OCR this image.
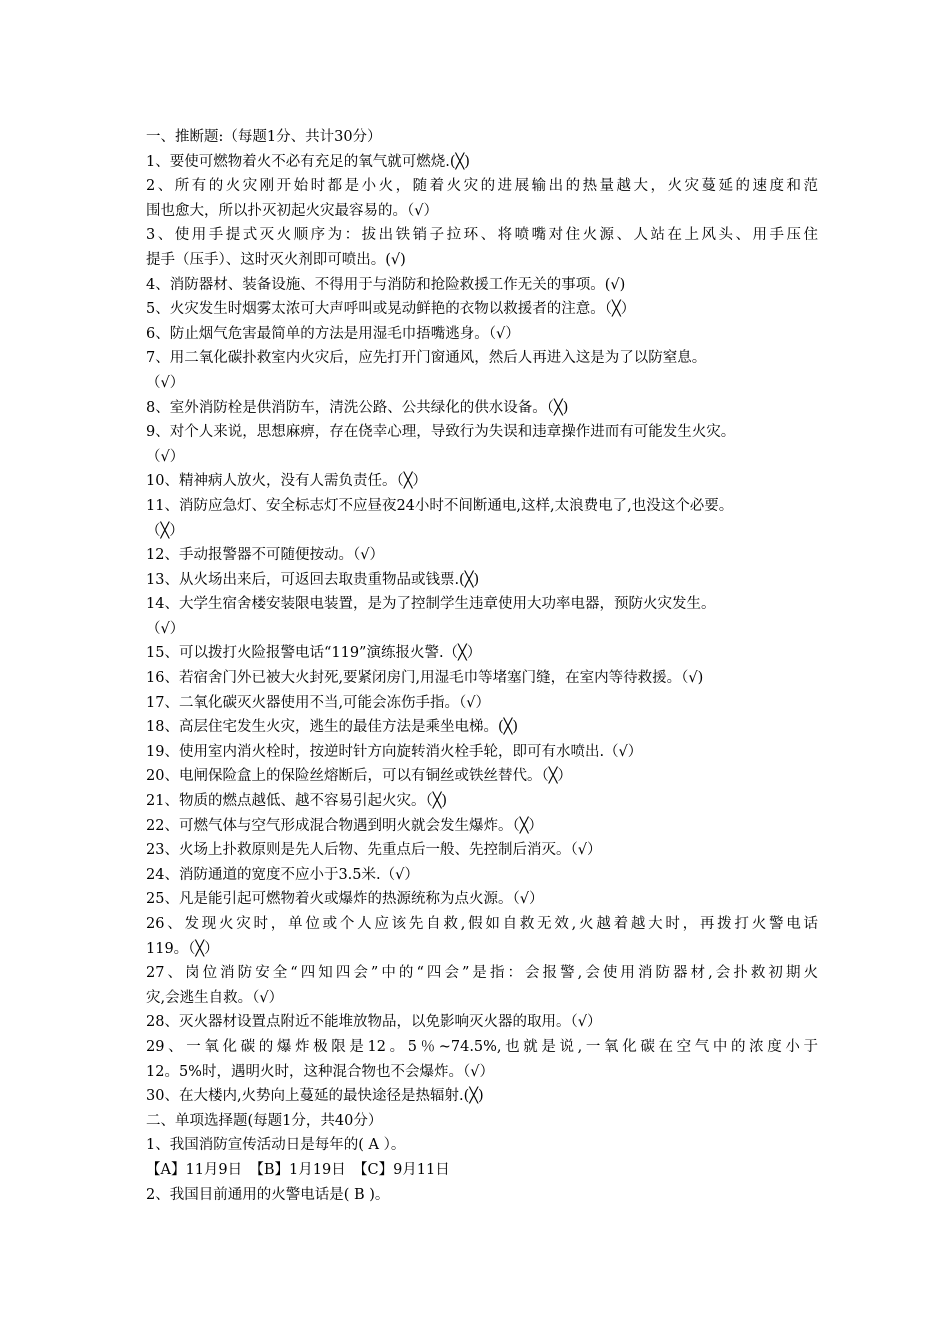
一、推断题:（每题1分、共计30分）
1、要使可燃物着火不必有充足的氧气就可燃烧.(╳)
2、所有的火灾刚开始时都是小火，随着火灾的进展输出的热量越大，火灾蔓延的速度和范
围也愈大，所以扑灭初起火灾最容易的。（√）
3、使用手提式灭火顺序为：拔出铁销子拉环、将喷嘴对住火源、人站在上风头、用手压住
提手（压手）、这时灭火剂即可喷出。(√)
4、消防器材、装备设施、不得用于与消防和抢险救援工作无关的事项。(√)
5、火灾发生时烟雾太浓可大声呼叫或晃动鲜艳的衣物以救援者的注意。（╳）
6、防止烟气危害最简单的方法是用湿毛巾捂嘴逃身。（√）
7、用二氧化碳扑救室内火灾后，应先打开门窗通风，然后人再进入这是为了以防窒息。
（√）
8、室外消防栓是供消防车，清洗公路、公共绿化的供水设备。（╳)
9、对个人来说，思想麻痹，存在侥幸心理，导致行为失误和违章操作进而有可能发生火灾。
（√）
10、精神病人放火，没有人需负责任。（╳）
11、消防应急灯、安全标志灯不应昼夜24小时不间断通电,这样,太浪费电了,也没这个必要。
（╳）
12、手动报警器不可随便按动。（√）
13、从火场出来后，可返回去取贵重物品或钱票.(╳)
14、大学生宿舍楼安装限电装置，是为了控制学生违章使用大功率电器，预防火灾发生。
（√）
15、可以拨打火险报警电话“119”演练报火警.（╳）
16、若宿舍门外已被大火封死,要紧闭房门,用湿毛巾等堵塞门缝，在室内等待救援。（√)
17、二氧化碳灭火器使用不当,可能会冻伤手指。（√）
18、高层住宅发生火灾，逃生的最佳方法是乘坐电梯。(╳)
19、使用室内消火栓时，按逆时针方向旋转消火栓手轮，即可有水喷出.（√）
20、电闸保险盒上的保险丝熔断后，可以有铜丝或铁丝替代。（╳）
21、物质的燃点越低、越不容易引起火灾。（╳)
22、可燃气体与空气形成混合物遇到明火就会发生爆炸。（╳）
23、火场上扑救原则是先人后物、先重点后一般、先控制后消灭。（√）
24、消防通道的宽度不应小于3.5米.（√）
25、凡是能引起可燃物着火或爆炸的热源统称为点火源。（√）
26、发现火灾时，单位或个人应该先自救,假如自救无效,火越着越大时，再拨打火警电话
119。（╳）
27、岗位消防安全“四知四会”中的“四会”是指：会报警,会使用消防器材,会扑救初期火
灾,会逃生自救。（√）
28、灭火器材设置点附近不能堆放物品，以免影响灭火器的取用。（√）
29、一氧化碳的爆炸极限是12。5％~74.5%,也就是说,一氧化碳在空气中的浓度小于
12。5%时，遇明火时，这种混合物也不会爆炸。（√）
30、在大楼内,火势向上蔓延的最快途径是热辐射.(╳)
二、单项选择题(每题1分，共40分）
1、我国消防宣传活动日是每年的( A ）。
【A】11月9日　【B】1月19日　【C】9月11日
2、我国目前通用的火警电话是( B )。
